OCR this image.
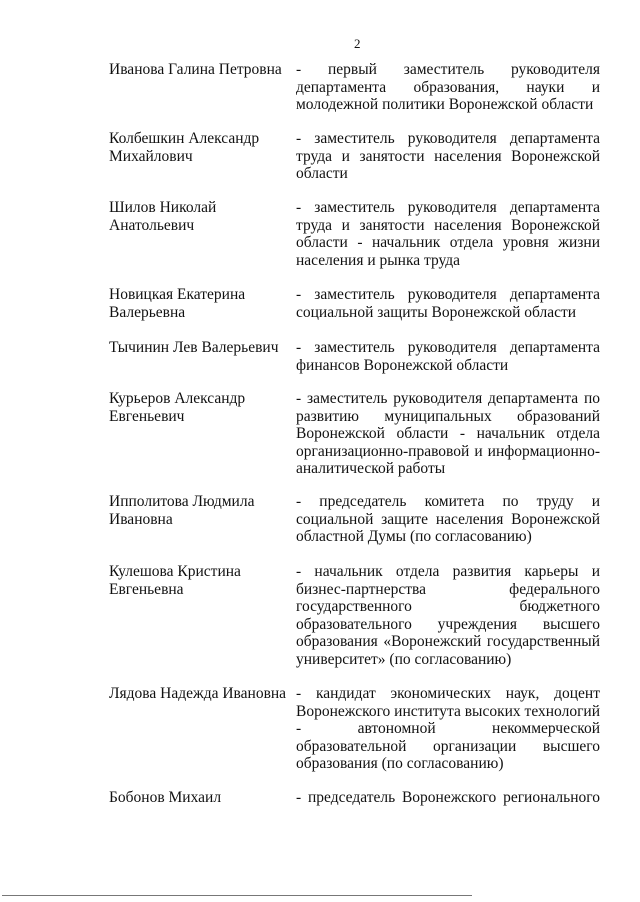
2
Иванова Галина Петровна - первый заместитель руководителя
департамента образования, науки и
молодежной политики Воронежской области
Колбешкин Александр
Михайлович
- заместитель руководителя департамента
труда и занятости населения Воронежской
области
Шилов Николай
Анатольевич
- заместитель руководителя департамента
труда и занятости населения Воронежской
области - начальник отдела уровня жизни
населения и рынка труда
Новицкая Екатерина
Валерьевна
- заместитель руководителя департамента
социальной защиты Воронежской области
Тычинин Лев Валерьевич	- заместитель руководителя департамента
финансов Воронежской области
Курьеров Александр
Евгеньевич
- заместитель руководителя департамента по
развитию муниципальных образований
Воронежской области - начальник отдела
организационно-правовой и информационно-
аналитической работы
Ипполитова Людмила
Ивановна
- председатель комитета по труду и
социальной защите населения Воронежской
областной Думы (по согласованию)
Кулешова Кристина
Евгеньевна
- начальник отдела развития карьеры и
бизнес-партнерства федерального
государственного бюджетного
образовательного учреждения высшего
образования «Воронежский государственный
университет» (по согласованию)
Лядова Надежда Ивановна - кандидат экономических наук, доцент
Воронежского института высоких технологий
- автономной некоммерческой
образовательной организации высшего
образования (по согласованию)
Бобонов Михаил	- председатель Воронежского регионального
